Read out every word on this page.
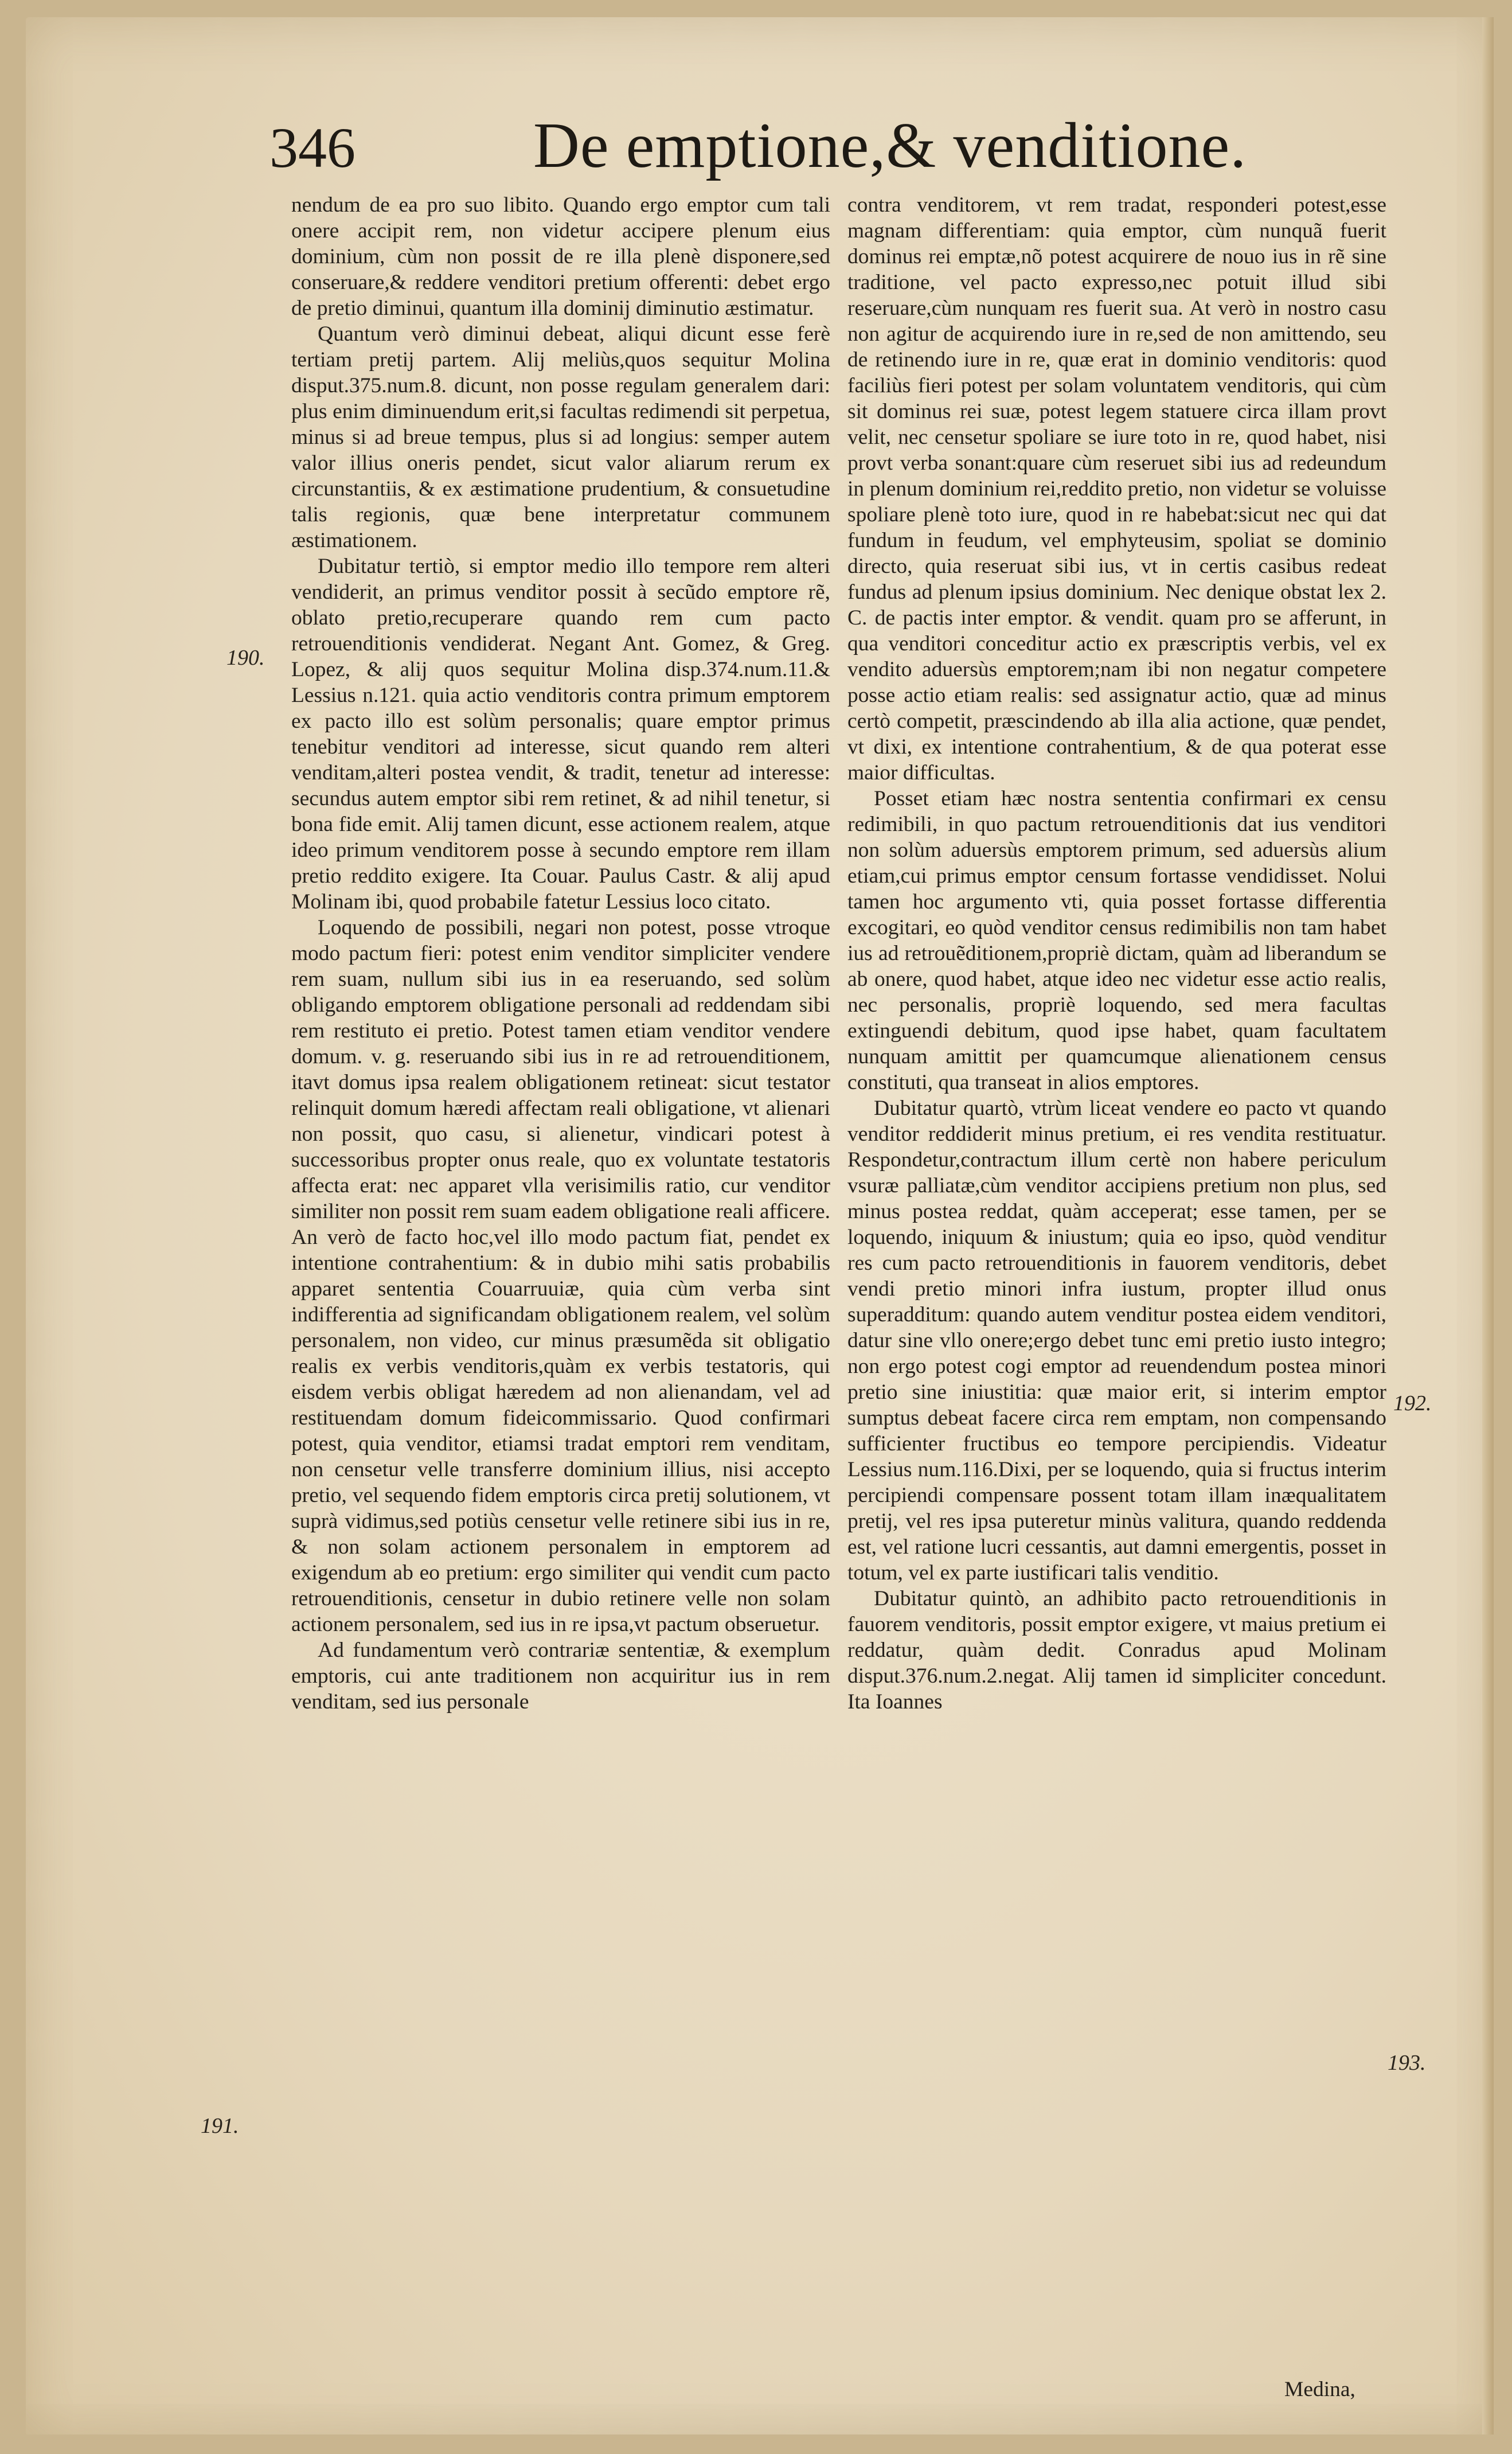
346	De emptione,& venditione.
190.
191.
192.
193.

nendum de ea pro suo libito. Quando ergo emptor cum tali onere accipit rem, non videtur accipere plenum eius dominium, cùm non possit de re illa plenè disponere,sed conseruare,& reddere venditori pretium offerenti: debet ergo de pretio diminui, quantum illa dominij diminutio æstimatur.

Quantum verò diminui debeat, aliqui dicunt esse ferè tertiam pretij partem. Alij meliùs,quos sequitur Molina disput.375.num.8. dicunt, non posse regulam generalem dari: plus enim diminuendum erit,si facultas redimendi sit perpetua, minus si ad breue tempus, plus si ad longius: semper autem valor illius oneris pendet, sicut valor aliarum rerum ex circunstantiis, & ex æstimatione prudentium, & consuetudine talis regionis, quæ bene interpretatur communem æstimationem.

Dubitatur tertiò, si emptor medio illo tempore rem alteri vendiderit, an primus venditor possit à secũdo emptore rẽ, oblato pretio,recuperare quando rem cum pacto retrouenditionis vendiderat. Negant Ant. Gomez, & Greg. Lopez, & alij quos sequitur Molina disp.374.num.11.& Lessius n.121. quia actio venditoris contra primum emptorem ex pacto illo est solùm personalis; quare emptor primus tenebitur venditori ad interesse, sicut quando rem alteri venditam,alteri postea vendit, & tradit, tenetur ad interesse: secundus autem emptor sibi rem retinet, & ad nihil tenetur, si bona fide emit. Alij tamen dicunt, esse actionem realem, atque ideo primum venditorem posse à secundo emptore rem illam pretio reddito exigere. Ita Couar. Paulus Castr. & alij apud Molinam ibi, quod probabile fatetur Lessius loco citato.

Loquendo de possibili, negari non potest, posse vtroque modo pactum fieri: potest enim venditor simpliciter vendere rem suam, nullum sibi ius in ea reseruando, sed solùm obligando emptorem obligatione personali ad reddendam sibi rem restituto ei pretio. Potest tamen etiam venditor vendere domum. v. g. reseruando sibi ius in re ad retrouenditionem, itavt domus ipsa realem obligationem retineat: sicut testator relinquit domum hæredi affectam reali obligatione, vt alienari non possit, quo casu, si alienetur, vindicari potest à successoribus propter onus reale, quo ex voluntate testatoris affecta erat: nec apparet vlla verisimilis ratio, cur venditor similiter non possit rem suam eadem obligatione reali afficere. An verò de facto hoc,vel illo modo pactum fiat, pendet ex intentione contrahentium: & in dubio mihi satis probabilis apparet sententia Couarruuiæ, quia cùm verba sint indifferentia ad significandam obligationem realem, vel solùm personalem, non video, cur minus præsumẽda sit obligatio realis ex verbis venditoris,quàm ex verbis testatoris, qui eisdem verbis obligat hæredem ad non alienandam, vel ad restituendam domum fideicommissario. Quod confirmari potest, quia venditor, etiamsi tradat emptori rem venditam, non censetur velle transferre dominium illius, nisi accepto pretio, vel sequendo fidem emptoris circa pretij solutionem, vt suprà vidimus,sed potiùs censetur velle retinere sibi ius in re, & non solam actionem personalem in emptorem ad exigendum ab eo pretium: ergo similiter qui vendit cum pacto retrouenditionis, censetur in dubio retinere velle non solam actionem personalem, sed ius in re ipsa,vt pactum obseruetur.

Ad fundamentum verò contrariæ sententiæ, & exemplum emptoris, cui ante traditionem non acquiritur ius in rem venditam, sed ius personale

contra venditorem, vt rem tradat, responderi potest,esse magnam differentiam: quia emptor, cùm nunquã fuerit dominus rei emptæ,nõ potest acquirere de nouo ius in rẽ sine traditione, vel pacto expresso,nec potuit illud sibi reseruare,cùm nunquam res fuerit sua. At verò in nostro casu non agitur de acquirendo iure in re,sed de non amittendo, seu de retinendo iure in re, quæ erat in dominio venditoris: quod faciliùs fieri potest per solam voluntatem venditoris, qui cùm sit dominus rei suæ, potest legem statuere circa illam provt velit, nec censetur spoliare se iure toto in re, quod habet, nisi provt verba sonant:quare cùm reseruet sibi ius ad redeundum in plenum dominium rei,reddito pretio, non videtur se voluisse spoliare plenè toto iure, quod in re habebat:sicut nec qui dat fundum in feudum, vel emphyteusim, spoliat se dominio directo, quia reseruat sibi ius, vt in certis casibus redeat fundus ad plenum ipsius dominium. Nec denique obstat lex 2. C. de pactis inter emptor. & vendit. quam pro se afferunt, in qua venditori conceditur actio ex præscriptis verbis, vel ex vendito aduersùs emptorem;nam ibi non negatur competere posse actio etiam realis: sed assignatur actio, quæ ad minus certò competit, præscindendo ab illa alia actione, quæ pendet, vt dixi, ex intentione contrahentium, & de qua poterat esse maior difficultas.

Posset etiam hæc nostra sententia confirmari ex censu redimibili, in quo pactum retrouenditionis dat ius venditori non solùm aduersùs emptorem primum, sed aduersùs alium etiam,cui primus emptor censum fortasse vendidisset. Nolui tamen hoc argumento vti, quia posset fortasse differentia excogitari, eo quòd venditor census redimibilis non tam habet ius ad retrouẽditionem,propriè dictam, quàm ad liberandum se ab onere, quod habet, atque ideo nec videtur esse actio realis, nec personalis, propriè loquendo, sed mera facultas extinguendi debitum, quod ipse habet, quam facultatem nunquam amittit per quamcumque alienationem census constituti, qua transeat in alios emptores.

Dubitatur quartò, vtrùm liceat vendere eo pacto vt quando venditor reddiderit minus pretium, ei res vendita restituatur. Respondetur,contractum illum certè non habere periculum vsuræ palliatæ,cùm venditor accipiens pretium non plus, sed minus postea reddat, quàm acceperat; esse tamen, per se loquendo, iniquum & iniustum; quia eo ipso, quòd venditur res cum pacto retrouenditionis in fauorem venditoris, debet vendi pretio minori infra iustum, propter illud onus superadditum: quando autem venditur postea eidem venditori, datur sine vllo onere;ergo debet tunc emi pretio iusto integro; non ergo potest cogi emptor ad reuendendum postea minori pretio sine iniustitia: quæ maior erit, si interim emptor sumptus debeat facere circa rem emptam, non compensando sufficienter fructibus eo tempore percipiendis. Videatur Lessius num.116.Dixi, per se loquendo, quia si fructus interim percipiendi compensare possent totam illam inæqualitatem pretij, vel res ipsa puteretur minùs valitura, quando reddenda est, vel ratione lucri cessantis, aut damni emergentis, posset in totum, vel ex parte iustificari talis venditio.

Dubitatur quintò, an adhibito pacto retrouenditionis in fauorem venditoris, possit emptor exigere, vt maius pretium ei reddatur, quàm dedit. Conradus apud Molinam disput.376.num.2.negat. Alij tamen id simpliciter concedunt. Ita Ioannes

Medina,
